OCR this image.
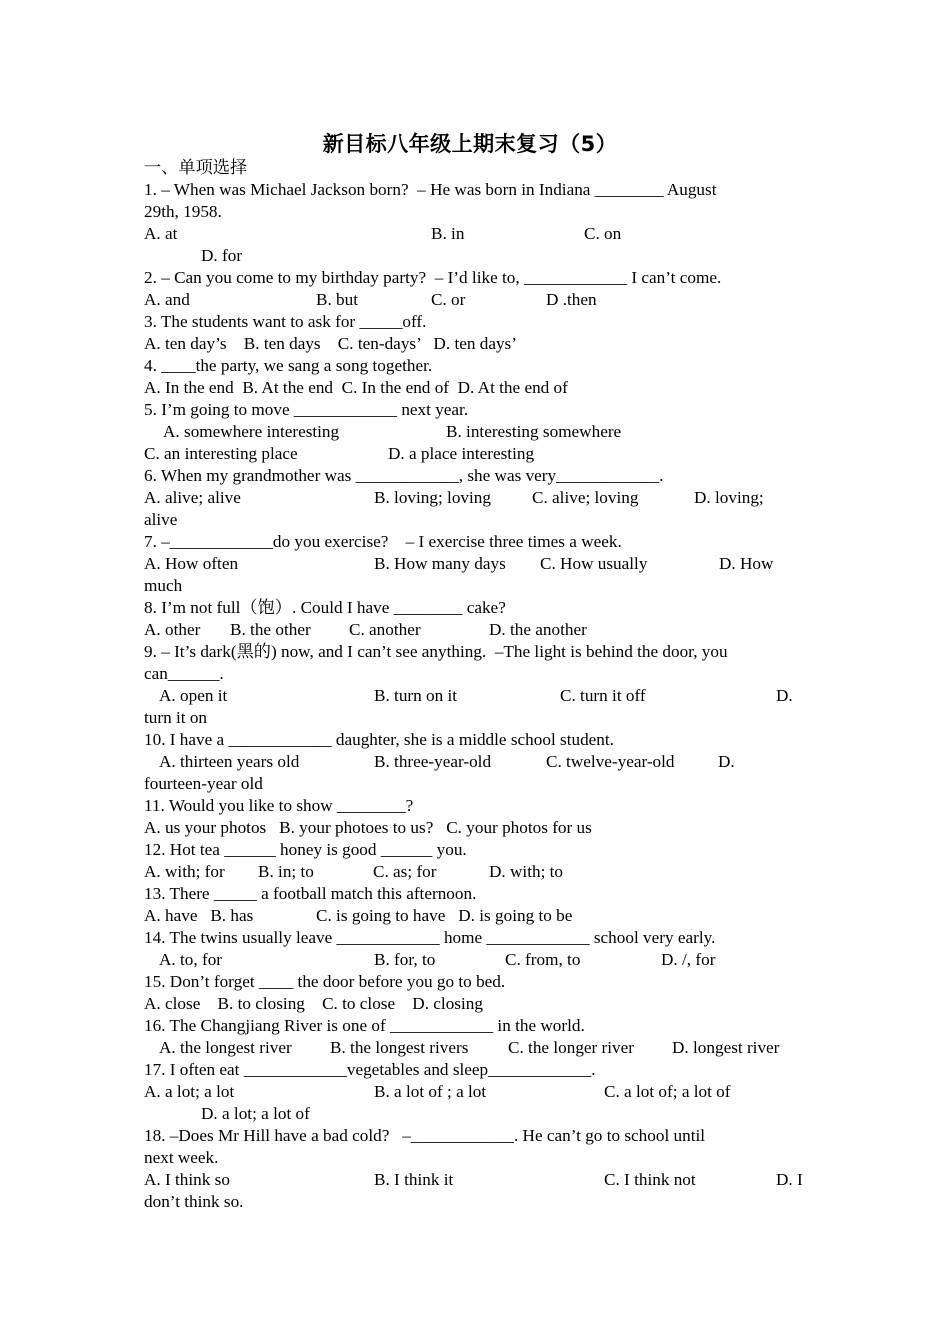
新目标八年级上期末复习（5）
一、单项选择
1. – When was Michael Jackson born?  – He was born in Indiana ________ August
29th, 1958.

A. at

	B. in

	C. on

D. for

2. – Can you come to my birthday party?  – I’d like to, ____________ I can’t come.

A. and

	B. but

	C. or

	D .then

3. The students want to ask for _____off.
A. ten day’s    B. ten days    C. ten-days’   D. ten days’
4. ____the party, we sang a song together.
A. In the end  B. At the end  C. In the end of  D. At the end of
5. I’m going to move ____________ next year.

A. somewhere interesting

	B. interesting somewhere

C. an interesting place

	D. a place interesting

6. When my grandmother was ____________, she was very____________.

A. alive; alive

	B. loving; loving

C. alive; loving

	D. loving;

alive
7. –____________do you exercise?    – I exercise three times a week.

A. How often

	B. How many days

C. How usually

	D. How

much
8. I’m not full（饱）. Could I have ________ cake?

A. other

B. the other

C. another

	D. the another

9. – It’s dark(黑的) now, and I can’t see anything.  –The light is behind the door, you
can______.

A. open it

	B. turn on it

	C. turn it off

	D.

turn it on
10. I have a ____________ daughter, she is a middle school student.

A. thirteen years old

	B. three-year-old

	C. twelve-year-old

	D.

fourteen-year old
11. Would you like to show ________?
A. us your photos   B. your photoes to us?   C. your photos for us
12. Hot tea ______ honey is good ______ you.

A. with; for

B. in; to

	C. as; for

	D. with; to

13. There _____ a football match this afternoon.

A. have   B. has

	C. is going to have   D. is going to be

14. The twins usually leave ____________ home ____________ school very early.

A. to, for

	B. for, to

	C. from, to

	D. /, for

15. Don’t forget ____ the door before you go to bed.
A. close    B. to closing    C. to close    D. closing
16. The Changjiang River is one of ____________ in the world.

A. the longest river

B. the longest rivers

C. the longer river

D. longest river

17. I often eat ____________vegetables and sleep____________.

A. a lot; a lot

	B. a lot of ; a lot

	C. a lot of; a lot of

D. a lot; a lot of

18. –Does Mr Hill have a bad cold?   –____________. He can’t go to school until
next week.

A. I think so

	B. I think it

	C. I think not

	D. I

don’t think so.
